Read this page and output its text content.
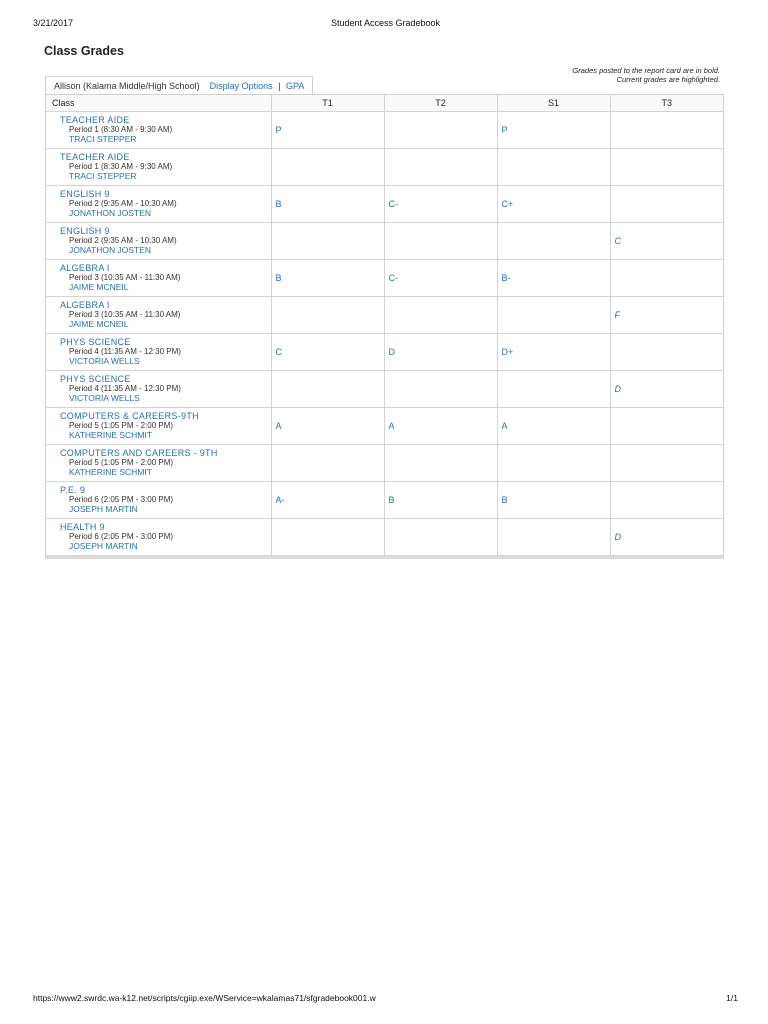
3/21/2017	Student Access Gradebook
Class Grades
Grades posted to the report card are in bold.
Current grades are highlighted.
Allison (Kalama Middle/High School) Display Options | GPA
Class	T1	T2	S1	T3

TEACHER AIDE
Period 1 (8:30 AM - 9:30 AM)
TRACI STEPPER	P		P	

TEACHER AIDE
Period 1 (8:30 AM - 9:30 AM)
TRACI STEPPER				

ENGLISH 9
Period 2 (9:35 AM - 10:30 AM)
JONATHON JOSTEN	B	C-	C+	

ENGLISH 9
Period 2 (9:35 AM - 10:30 AM)
JONATHON JOSTEN				C

ALGEBRA I
Period 3 (10:35 AM - 11:30 AM)
JAIME MCNEIL	B	C-	B-	

ALGEBRA I
Period 3 (10:35 AM - 11:30 AM)
JAIME MCNEIL				F

PHYS SCIENCE
Period 4 (11:35 AM - 12:30 PM)
VICTORIA WELLS	C	D	D+	

PHYS SCIENCE
Period 4 (11:35 AM - 12:30 PM)
VICTORIA WELLS				D

COMPUTERS & CAREERS-9TH
Period 5 (1:05 PM - 2:00 PM)
KATHERINE SCHMIT	A	A	A	

COMPUTERS AND CAREERS - 9TH
Period 5 (1:05 PM - 2:00 PM)
KATHERINE SCHMIT				

P.E. 9
Period 6 (2:05 PM - 3:00 PM)
JOSEPH MARTIN	A-	B	B	

HEALTH 9
Period 6 (2:05 PM - 3:00 PM)
JOSEPH MARTIN				D
https://www2.swrdc.wa-k12.net/scripts/cgiip.exe/WService=wkalamas71/sfgradebook001.w	1/1
